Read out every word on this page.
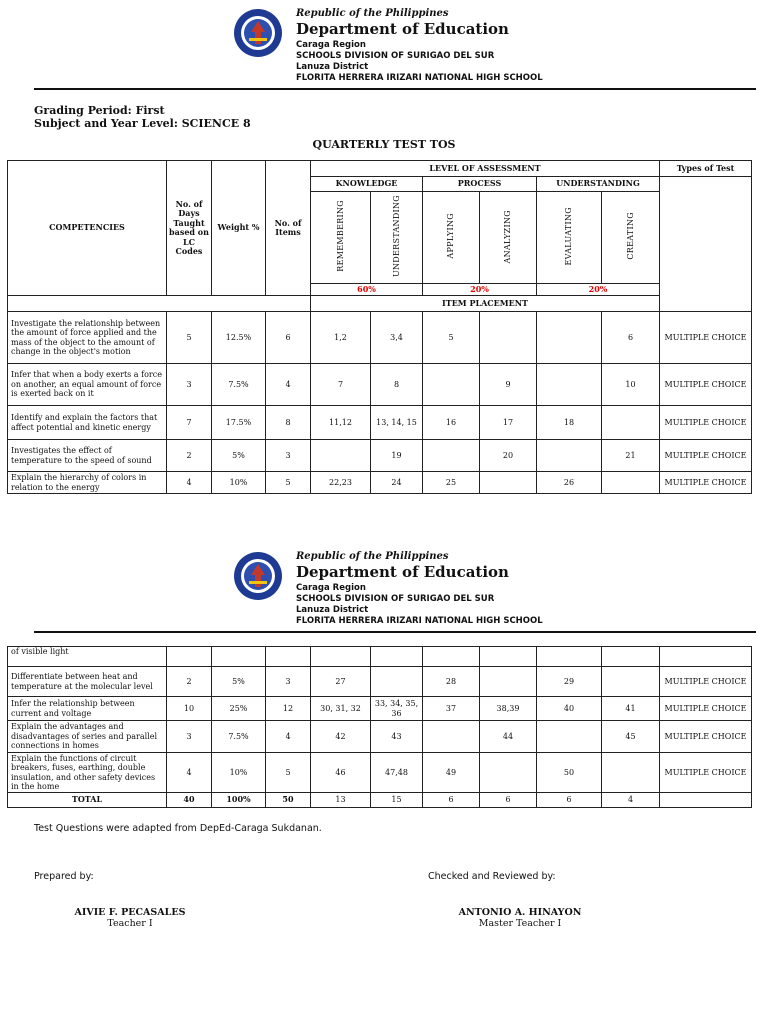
Republic of the Philippines
Department of Education
Caraga Region
SCHOOLS DIVISION OF SURIGAO DEL SUR
Lanuza District
FLORITA HERRERA IRIZARI NATIONAL HIGH SCHOOL
Grading Period: First
Subject and Year Level: SCIENCE 8
QUARTERLY TEST TOS
COMPETENCIES	No. of Days Taught based on LC Codes	Weight %	No. of Items	LEVEL OF ASSESSMENT						Types of Test
				KNOWLEDGE		PROCESS		UNDERSTANDING		
				REMEMBERING	UNDERSTANDING	APPLYING	ANALYZING	EVALUATING	CREATING	
				60%		20%		20%		
				ITEM PLACEMENT						
Investigate the relationship between the amount of force applied and the mass of the object to the amount of change in the object's motion	5	12.5%	6	1,2	3,4	5			6	MULTIPLE CHOICE
Infer that when a body exerts a force on another, an equal amount of force is exerted back on it	3	7.5%	4	7	8		9		10	MULTIPLE CHOICE
Identify and explain the factors that affect potential and kinetic energy	7	17.5%	8	11,12	13, 14, 15	16	17	18		MULTIPLE CHOICE
Investigates the effect of temperature to the speed of sound	2	5%	3		19		20		21	MULTIPLE CHOICE
Explain the hierarchy of colors in relation to the energy	4	10%	5	22,23	24	25		26		MULTIPLE CHOICE
Republic of the Philippines
Department of Education
Caraga Region
SCHOOLS DIVISION OF SURIGAO DEL SUR
Lanuza District
FLORITA HERRERA IRIZARI NATIONAL HIGH SCHOOL
of visible light										
Differentiate between heat and temperature at the molecular level	2	5%	3	27		28		29		MULTIPLE CHOICE
Infer the relationship between current and voltage	10	25%	12	30, 31, 32	33, 34, 35, 36	37	38,39	40	41	MULTIPLE CHOICE
Explain the advantages and disadvantages of series and parallel connections in homes	3	7.5%	4	42	43		44		45	MULTIPLE CHOICE
Explain the functions of circuit breakers, fuses, earthing, double insulation, and other safety devices in the home	4	10%	5	46	47,48	49		50		MULTIPLE CHOICE
TOTAL	40	100%	50	13	15	6	6	6	4	
Test Questions were adapted from DepEd-Caraga Sukdanan.
Prepared by:	Checked and Reviewed by:
AIVIE F. PECASALES
Teacher I
ANTONIO A. HINAYON
Master Teacher I
